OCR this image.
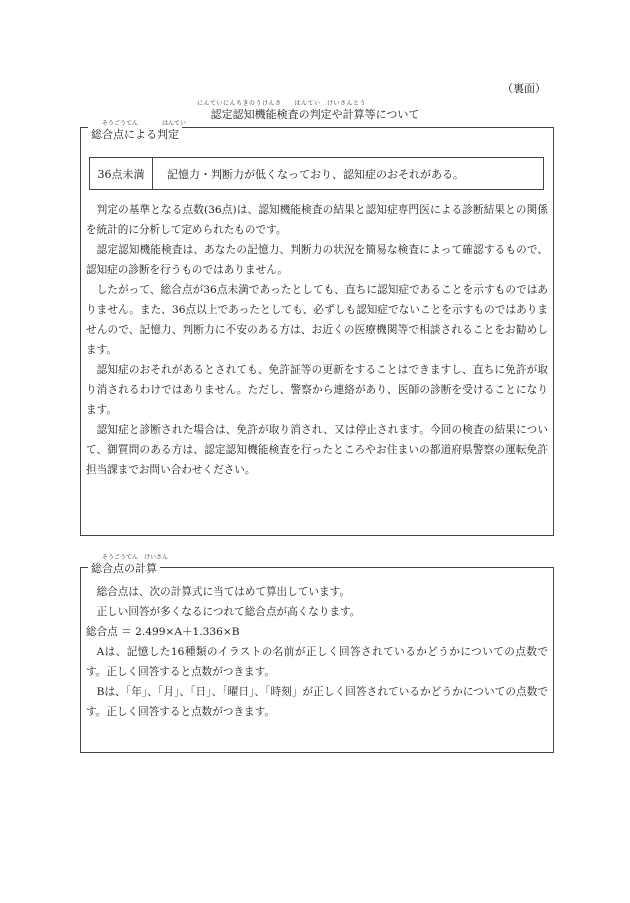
（裏面）
にんていにんちきのうけんさ　　はんてい　けいさんとう
認定認知機能検査の判定や計算等について
そうごうてん　　　　はんてい
総合点による判定
36点未満	記憶力・判断力が低くなっており、認知症のおそれがある。

判定の基準となる点数(36点)は、認知機能検査の結果と認知症専門医による診断結果との関係を統計的に分析して定められたものです。

認定認知機能検査は、あなたの記憶力、判断力の状況を簡易な検査によって確認するもので、認知症の診断を行うものではありません。

したがって、総合点が36点未満であったとしても、直ちに認知症であることを示すものではありません。また、36点以上であったとしても、必ずしも認知症でないことを示すものではありませんので、記憶力、判断力に不安のある方は、お近くの医療機関等で相談されることをお勧めします。

認知症のおそれがあるとされても、免許証等の更新をすることはできますし、直ちに免許が取り消されるわけではありません。ただし、警察から連絡があり、医師の診断を受けることになります。

認知症と診断された場合は、免許が取り消され、又は停止されます。今回の検査の結果について、御質問のある方は、認定認知機能検査を行ったところやお住まいの都道府県警察の運転免許担当課までお問い合わせください。

そうごうてん　けいさん
総合点の計算

総合点は、次の計算式に当てはめて算出しています。

正しい回答が多くなるにつれて総合点が高くなります。

総合点 ＝ 2.499×A＋1.336×B

Aは、記憶した16種類のイラストの名前が正しく回答されているかどうかについての点数です。正しく回答すると点数がつきます。

Bは、「年」、「月」、「日」、「曜日」、「時刻」が正しく回答されているかどうかについての点数です。正しく回答すると点数がつきます。
